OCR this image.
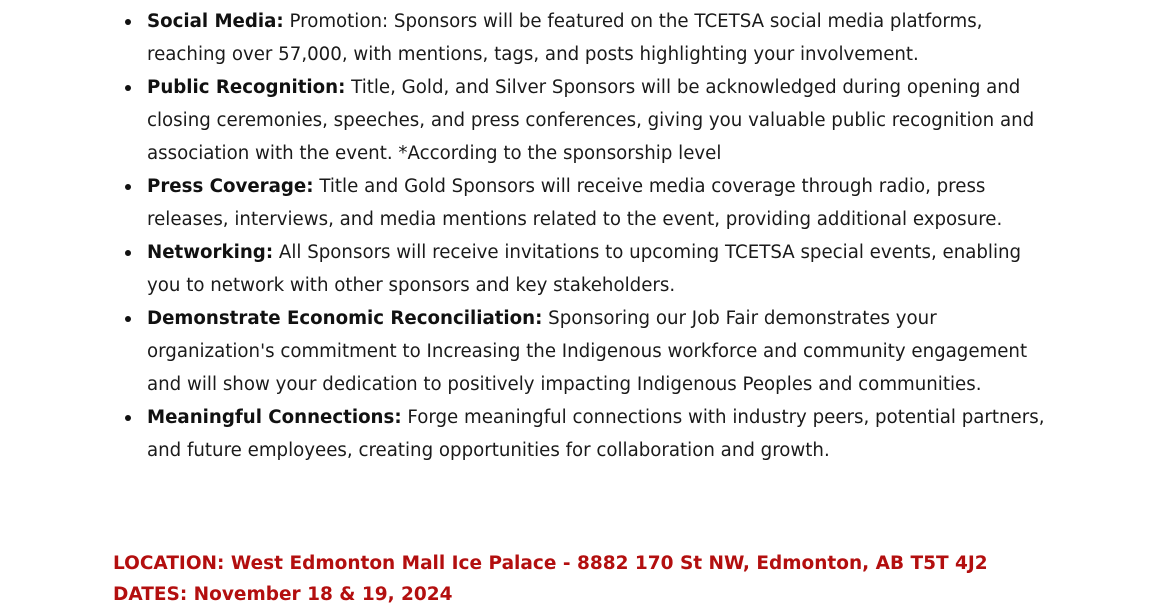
Social Media: Promotion: Sponsors will be featured on the TCETSA social media platforms, reaching over 57,000, with mentions, tags, and posts highlighting your involvement.
Public Recognition: Title, Gold, and Silver Sponsors will be acknowledged during opening and closing ceremonies, speeches, and press conferences, giving you valuable public recognition and association with the event. *According to the sponsorship level
Press Coverage: Title and Gold Sponsors will receive media coverage through radio, press releases, interviews, and media mentions related to the event, providing additional exposure.
Networking: All Sponsors will receive invitations to upcoming TCETSA special events, enabling you to network with other sponsors and key stakeholders.
Demonstrate Economic Reconciliation: Sponsoring our Job Fair demonstrates your organization's commitment to Increasing the Indigenous workforce and community engagement and will show your dedication to positively impacting Indigenous Peoples and communities.
Meaningful Connections: Forge meaningful connections with industry peers, potential partners, and future employees, creating opportunities for collaboration and growth.
LOCATION: West Edmonton Mall Ice Palace - 8882 170 St NW, Edmonton, AB T5T 4J2
DATES: November 18 & 19, 2024
